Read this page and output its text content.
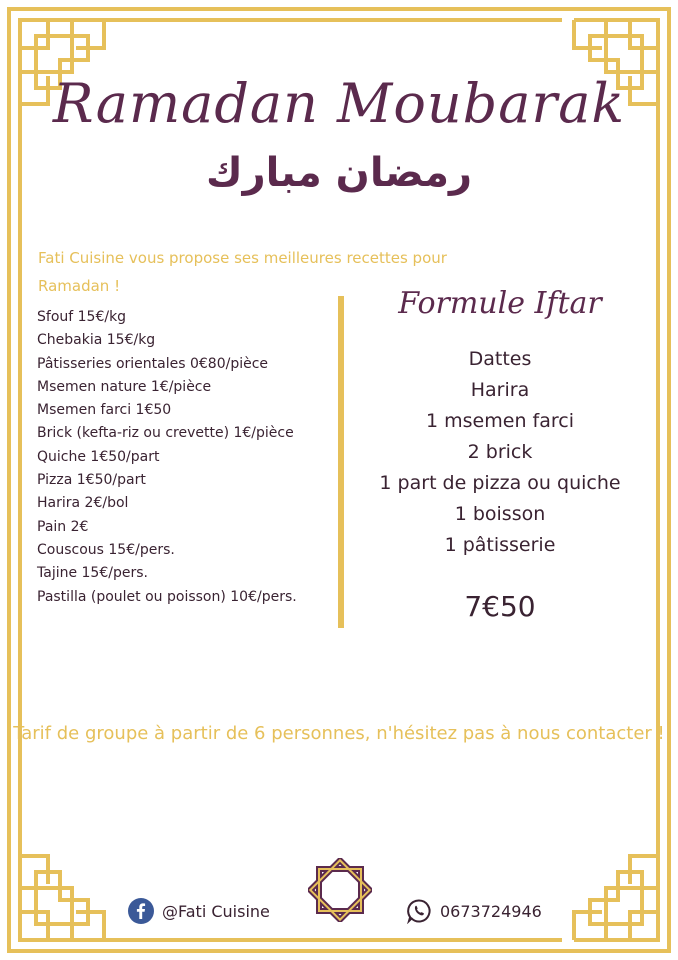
Ramadan Moubarak
رمضان مبارك
Fati Cuisine vous propose ses meilleures recettes pour Ramadan !
Sfouf 15€/kg
Chebakia 15€/kg
Pâtisseries orientales 0€80/pièce
Msemen nature 1€/pièce
Msemen farci 1€50
Brick (kefta-riz ou crevette) 1€/pièce
Quiche 1€50/part
Pizza 1€50/part
Harira 2€/bol
Pain 2€
Couscous 15€/pers.
Tajine 15€/pers.
Pastilla (poulet ou poisson) 10€/pers.
Formule Iftar
Dattes
Harira
1 msemen farci
2 brick
1 part de pizza ou quiche
1 boisson
1 pâtisserie
7€50
Tarif de groupe à partir de 6 personnes, n'hésitez pas à nous contacter !
@Fati Cuisine	0673724946
